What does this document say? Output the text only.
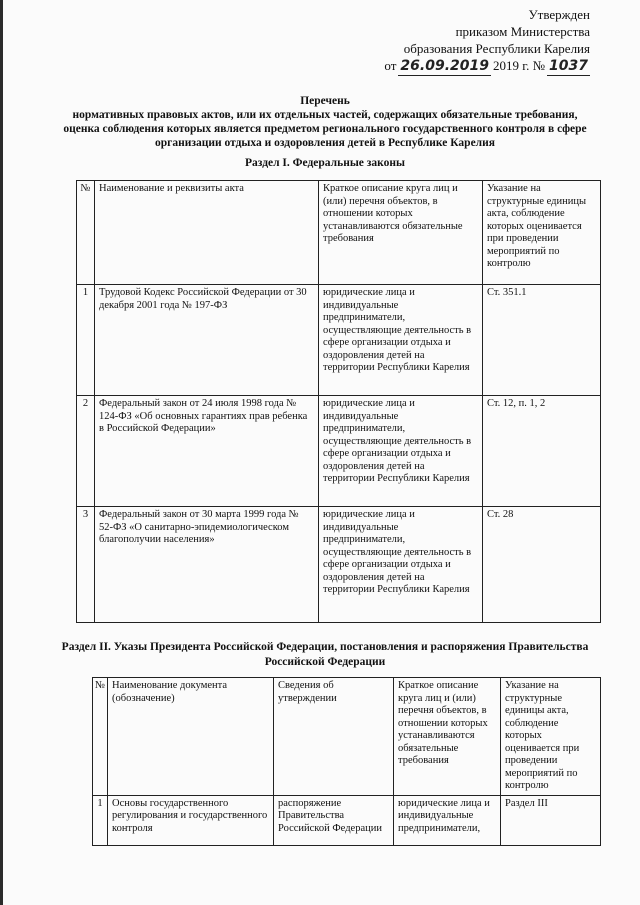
Утвержден
приказом Министерства
образования Республики Карелия
от 26.09.2019 2019 г. № 1037
Перечень
нормативных правовых актов, или их отдельных частей, содержащих обязательные требования, оценка соблюдения которых является предметом регионального государственного контроля в сфере организации отдыха и оздоровления детей в Республике Карелия
Раздел I. Федеральные законы
№	Наименование и реквизиты акта	Краткое описание круга лиц и (или) перечня объектов, в отношении которых устанавливаются обязательные требования	Указание на структурные единицы акта, соблюдение которых оценивается при проведении мероприятий по контролю
1	Трудовой Кодекс Российской Федерации от 30 декабря 2001 года № 197-ФЗ	юридические лица и индивидуальные предприниматели, осуществляющие деятельность в сфере организации отдыха и оздоровления детей на территории Республики Карелия	Ст. 351.1
2	Федеральный закон от 24 июля 1998 года № 124-ФЗ «Об основных гарантиях прав ребенка в Российской Федерации»	юридические лица и индивидуальные предприниматели, осуществляющие деятельность в сфере организации отдыха и оздоровления детей на территории Республики Карелия	Ст. 12, п. 1, 2
3	Федеральный закон от 30 марта 1999 года № 52-ФЗ «О санитарно-эпидемиологическом благополучии населения»	юридические лица и индивидуальные предприниматели, осуществляющие деятельность в сфере организации отдыха и оздоровления детей на территории Республики Карелия	Ст. 28
Раздел II. Указы Президента Российской Федерации, постановления и распоряжения Правительства Российской Федерации
№	Наименование документа (обозначение)	Сведения об утверждении	Краткое описание круга лиц и (или) перечня объектов, в отношении которых устанавливаются обязательные требования	Указание на структурные единицы акта, соблюдение которых оценивается при проведении мероприятий по контролю
1	Основы государственного регулирования и государственного контроля	распоряжение Правительства Российской Федерации	юридические лица и индивидуальные предприниматели,	Раздел III
